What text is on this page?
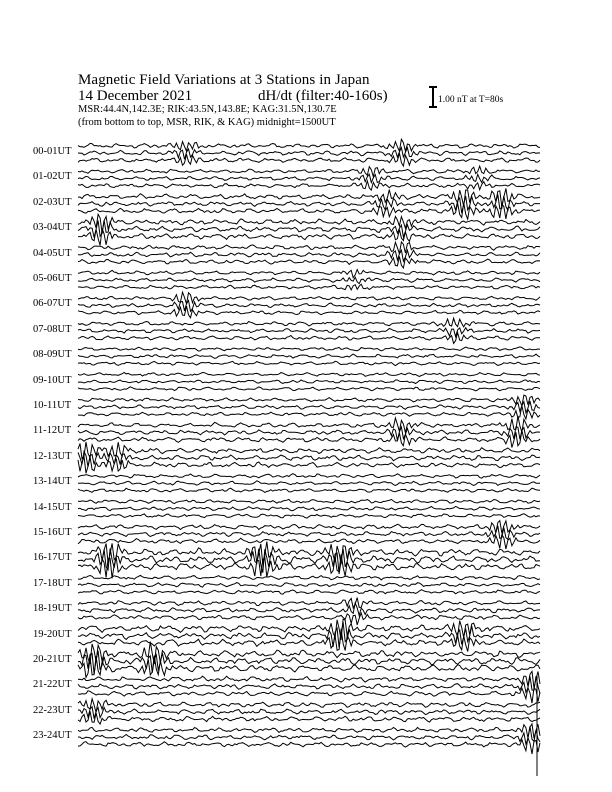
Magnetic Field Variations at 3 Stations in Japan
14 December 2021	dH/dt (filter:40-160s)
MSR:44.4N,142.3E; RIK:43.5N,143.8E; KAG:31.5N,130.7E
(from bottom to top, MSR, RIK, & KAG) midnight=1500UT
1.00 nT at T=80s
00-01UT
01-02UT
02-03UT
03-04UT
04-05UT
05-06UT
06-07UT
07-08UT
08-09UT
09-10UT
10-11UT
11-12UT
12-13UT
13-14UT
14-15UT
15-16UT
16-17UT
17-18UT
18-19UT
19-20UT
20-21UT
21-22UT
22-23UT
23-24UT
